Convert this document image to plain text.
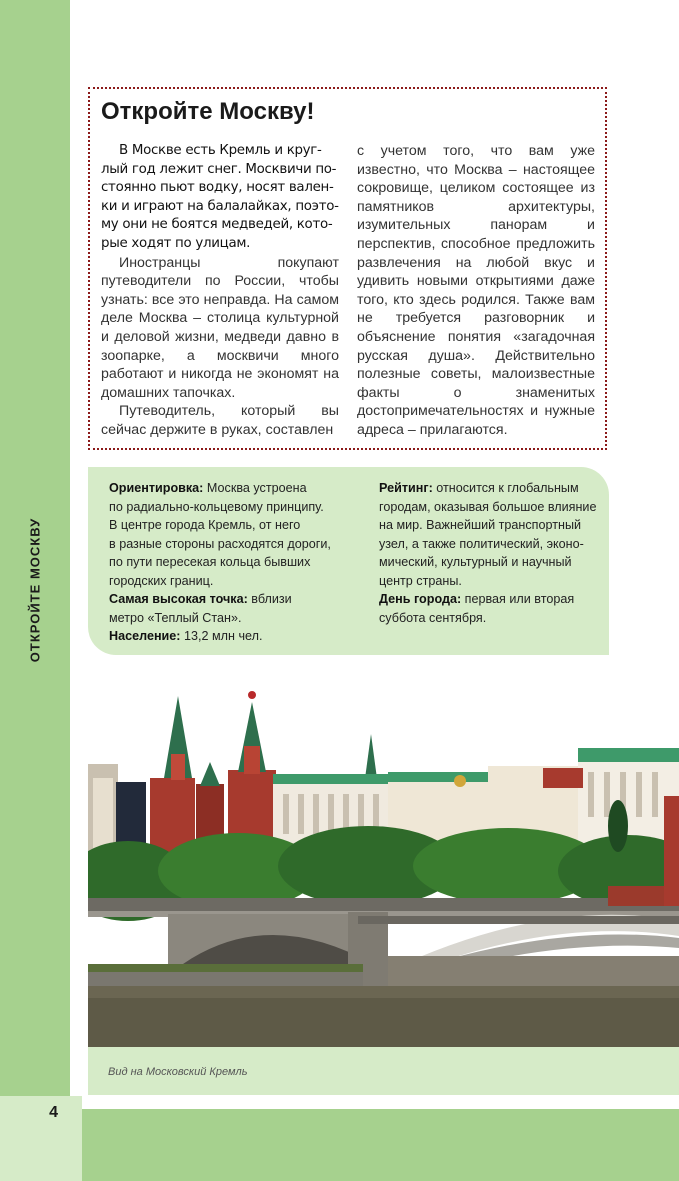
ОТКРОЙТЕ МОСКВУ
4
Откройте Москву!
В Москве есть Кремль и круг-
лый год лежит снег. Москвичи по-
стоянно пьют водку, носят вален-
ки и играют на балалайках, поэто-
му они не боятся медведей, кото-
рые ходят по улицам.

Иностранцы покупают путеводители по России, чтобы узнать: все это неправда. На самом деле Москва – столица культурной и деловой жизни, медведи давно в зоопарке, а москвичи много работают и никогда не экономят на домашних тапочках.

Путеводитель, который вы сейчас держите в руках, составлен

с учетом того, что вам уже известно, что Москва – настоящее сокровище, целиком состоящее из памятников архитектуры, изумительных панорам и перспектив, способное предложить развлечения на любой вкус и удивить новыми открытиями даже того, кто здесь родился. Также вам не требуется разговорник и объяснение понятия «загадочная русская душа». Действительно полезные советы, малоизвестные факты о знаменитых достопримечательностях и нужные адреса – прилагаются.

Ориентировка: Москва устроена
по радиально-кольцевому принципу.
В центре города Кремль, от него
в разные стороны расходятся дороги,
по пути пересекая кольца бывших
городских границ.
Самая высокая точка: вблизи
метро «Теплый Стан».
Население: 13,2 млн чел.
Рейтинг: относится к глобальным
городам, оказывая большое влияние
на мир. Важнейший транспортный
узел, а также политический, эконо-
мический, культурный и научный
центр страны.
День города: первая или вторая
суббота сентября.
Вид на Московский Кремль
